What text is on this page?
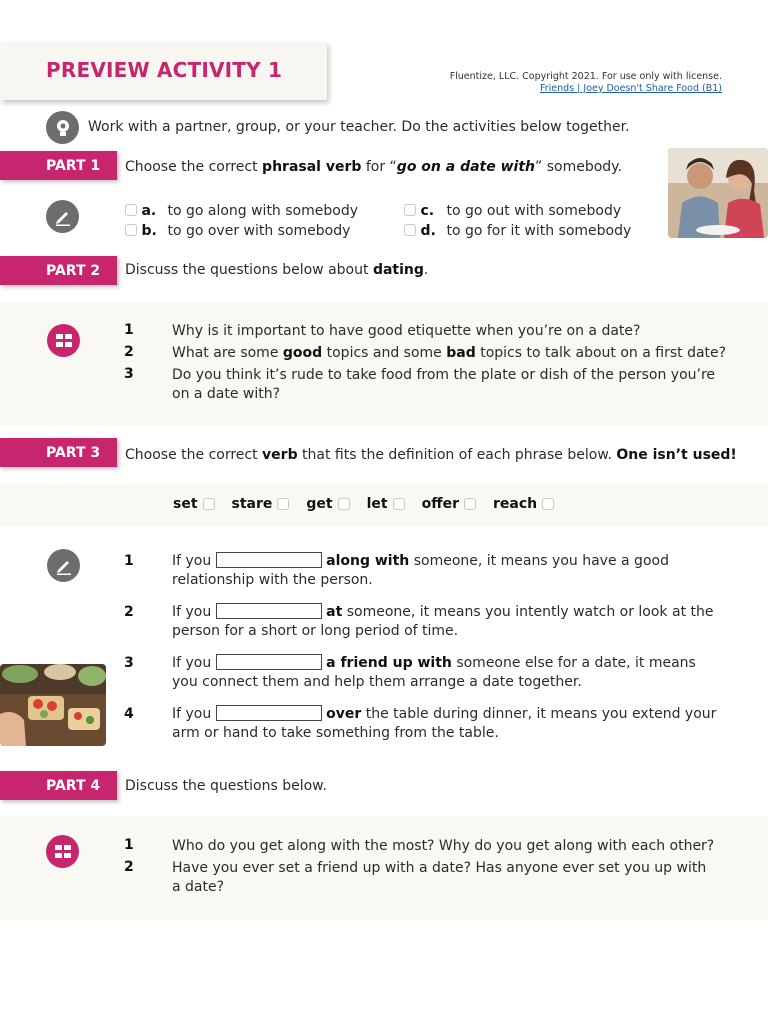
PREVIEW ACTIVITY 1	Fluentize, LLC. Copyright 2021. For use only with license.
Friends | Joey Doesn't Share Food (B1)
Work with a partner, group, or your teacher. Do the activities below together.
PART 1	Choose the correct phrasal verb for “go on a date with” somebody.
a. to go along with somebody
b. to go over with somebody
c. to go out with somebody
d. to go for it with somebody
PART 2	Discuss the questions below about dating.
1	Why is it important to have good etiquette when you’re on a date?
2	What are some good topics and some bad topics to talk about on a first date?
3	Do you think it’s rude to take food from the plate or dish of the person you’re on a date with?
PART 3	Choose the correct verb that fits the definition of each phrase below. One isn’t used!
set stare get let offer reach
1	If you	along with someone, it means you have a good relationship with the person.
2	If you	at someone, it means you intently watch or look at the person for a short or long period of time.
3	If you	a friend up with someone else for a date, it means you connect them and help them arrange a date together.
4	If you	over the table during dinner, it means you extend your arm or hand to take something from the table.
PART 4	Discuss the questions below.
1	Who do you get along with the most? Why do you get along with each other?
2	Have you ever set a friend up with a date? Has anyone ever set you up with a date?
